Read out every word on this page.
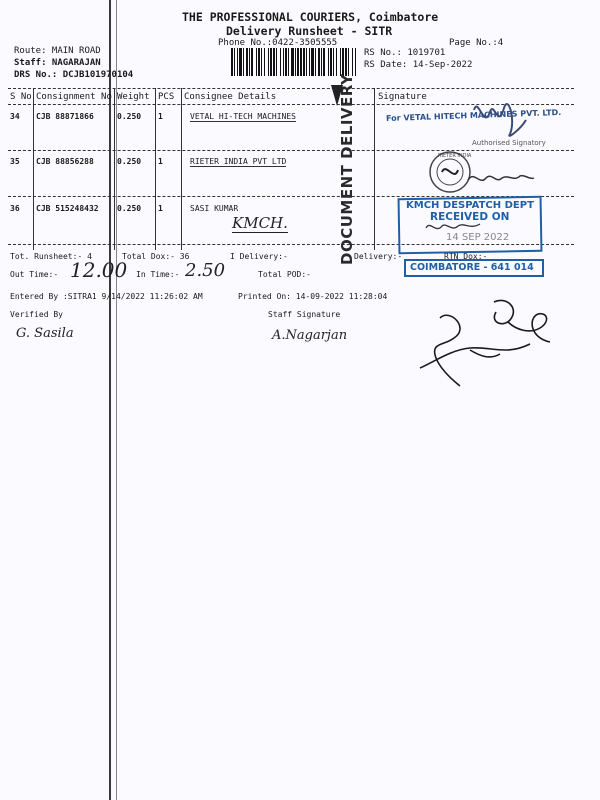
THE PROFESSIONAL COURIERS, Coimbatore
Delivery Runsheet - SITR
Phone No.:0422-3505555	Page No.:4
Route: MAIN ROAD
Staff: NAGARAJAN
DRS No.: DCJB101970104
RS No.: 1019701
RS Date: 14-Sep-2022
S No Consignment No Weight PCS Consignee Details	Signature
34 CJB 88871866	0.250 1	VETAL HI-TECH MACHINES
35 CJB 88856288	0.250 1	RIETER INDIA PVT LTD
36 CJB 515248432 0.250 1	SASI KUMAR
KMCH.	DOCUMENT DELIVERY	For VETAL HITECH MACHINES PVT. LTD.
Authorised Signatory
RIETER INDIA
KMCH DESPATCH DEPT
RECEIVED ON
14 SEP 2022
COIMBATORE - 641 014
Tot. Runsheet:- 4	Total Dox:- 36	I Delivery:-	Delivery:-	RTN Dox:-
Out Time:- 12.00 In Time:- 2.50	Total POD:-
Entered By :SITRA1 9/14/2022 11:26:02 AM	Printed On: 14-09-2022 11:28:04
Verified By	Staff Signature
G. Sasila	A.Nagarjan
